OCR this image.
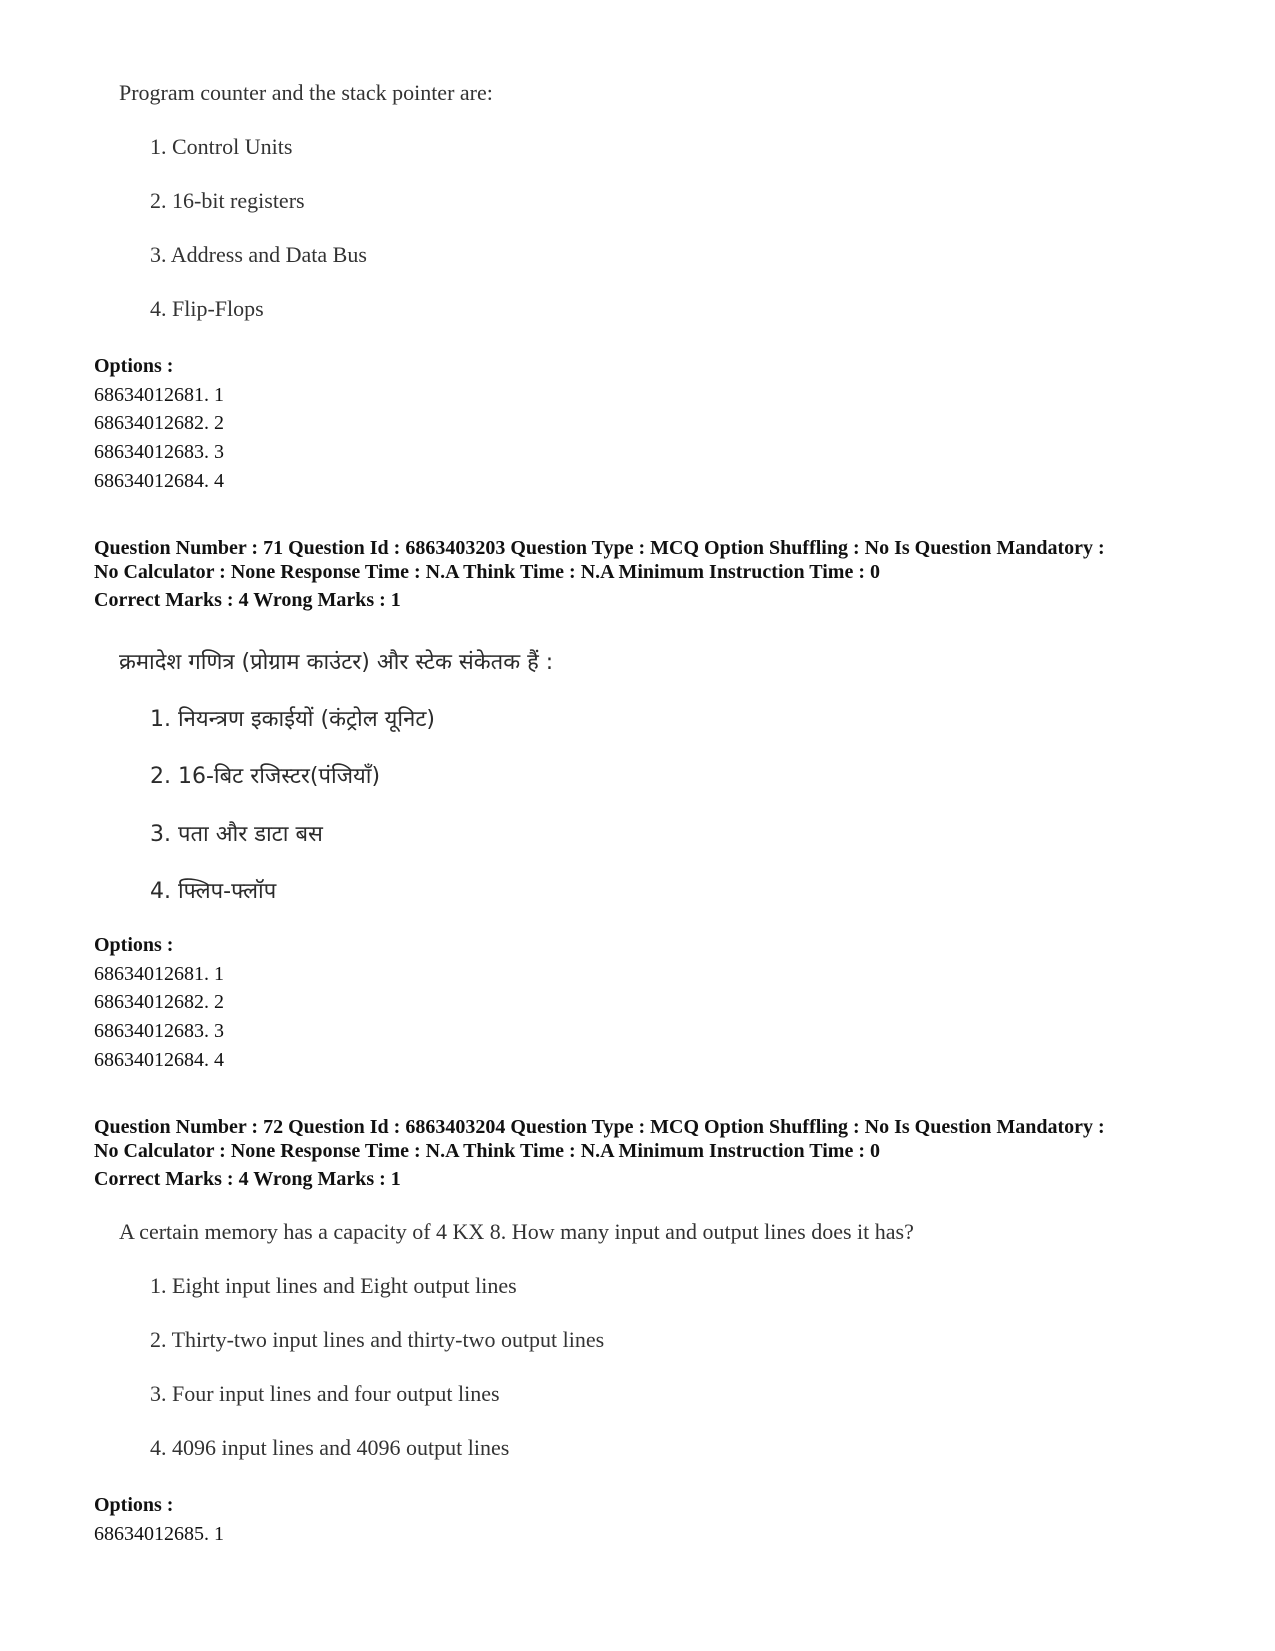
Program counter and the stack pointer are:
1. Control Units
2. 16-bit registers
3. Address and Data Bus
4. Flip-Flops
Options :
68634012681. 1
68634012682. 2
68634012683. 3
68634012684. 4
Question Number : 71 Question Id : 6863403203 Question Type : MCQ Option Shuffling : No Is Question Mandatory :
No Calculator : None Response Time : N.A Think Time : N.A Minimum Instruction Time : 0
Correct Marks : 4 Wrong Marks : 1
क्रमादेश गणित्र (प्रोग्राम काउंटर) और स्टेक संकेतक हैं :
1. नियन्त्रण इकाईयों (कंट्रोल यूनिट)
2. 16-बिट रजिस्टर(पंजियाँ)
3. पता और डाटा बस
4. फ्लिप-फ्लॉप
Options :
68634012681. 1
68634012682. 2
68634012683. 3
68634012684. 4
Question Number : 72 Question Id : 6863403204 Question Type : MCQ Option Shuffling : No Is Question Mandatory :
No Calculator : None Response Time : N.A Think Time : N.A Minimum Instruction Time : 0
Correct Marks : 4 Wrong Marks : 1
A certain memory has a capacity of 4 KX 8. How many input and output lines does it has?
1. Eight input lines and Eight output lines
2. Thirty-two input lines and thirty-two output lines
3. Four input lines and four output lines
4. 4096 input lines and 4096 output lines
Options :
68634012685. 1
